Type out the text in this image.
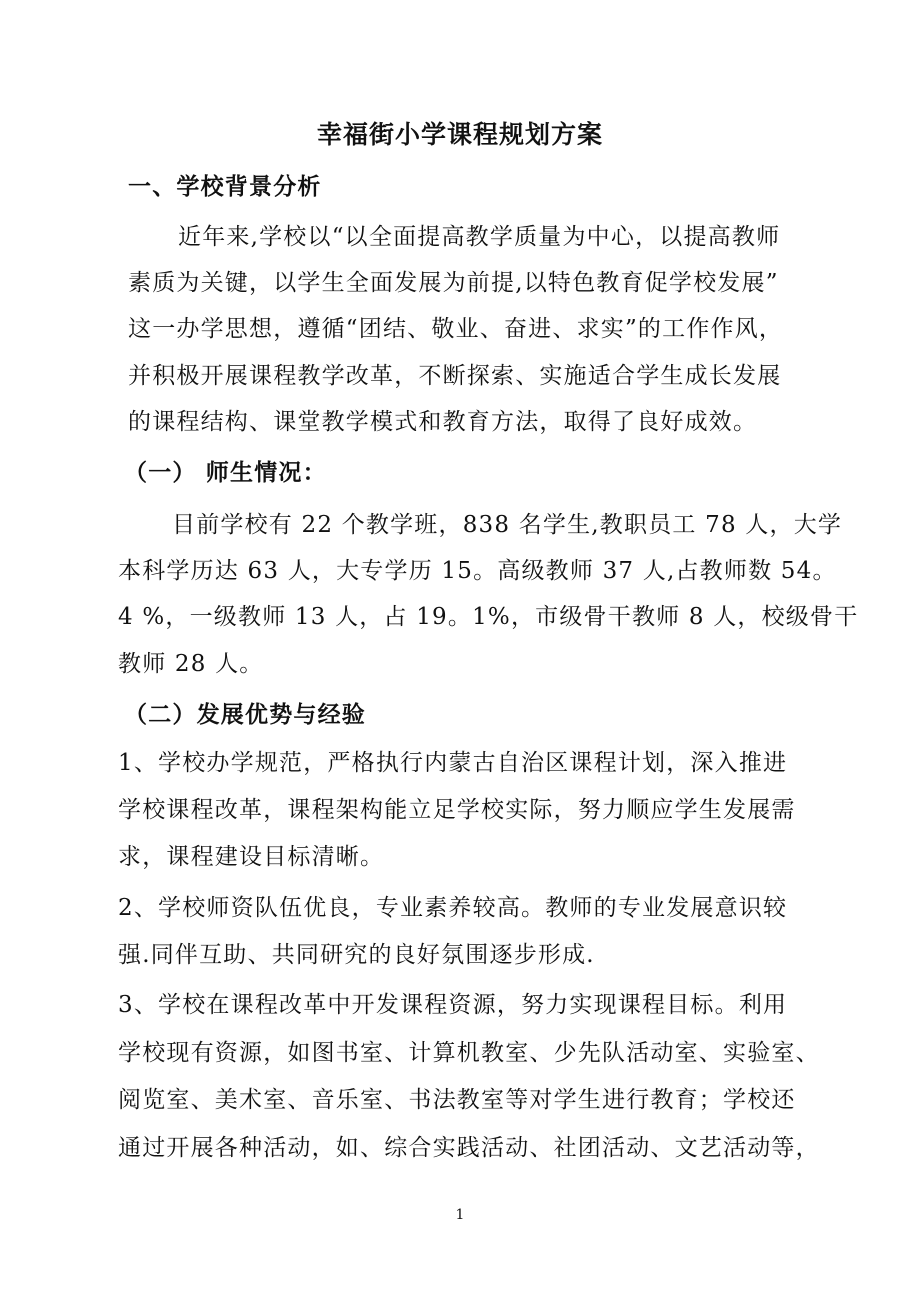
幸福街小学课程规划方案
一、学校背景分析
近年来,学校以“以全面提高教学质量为中心，以提高教师
素质为关键，以学生全面发展为前提,以特色教育促学校发展”
这一办学思想，遵循“团结、敬业、奋进、求实”的工作作风，
并积极开展课程教学改革，不断探索、实施适合学生成长发展
的课程结构、课堂教学模式和教育方法，取得了良好成效。
（一） 师生情况：
目前学校有 22 个教学班，838 名学生,教职员工 78 人，大学
本科学历达 63 人，大专学历 15。高级教师 37 人,占教师数 54。
4 %，一级教师 13 人，占 19。1%，市级骨干教师 8 人，校级骨干
教师 28 人。
（二）发展优势与经验
1、学校办学规范，严格执行内蒙古自治区课程计划，深入推进
学校课程改革，课程架构能立足学校实际，努力顺应学生发展需
求，课程建设目标清晰。
2、学校师资队伍优良，专业素养较高。教师的专业发展意识较
强.同伴互助、共同研究的良好氛围逐步形成.
3、学校在课程改革中开发课程资源，努力实现课程目标。利用
学校现有资源，如图书室、计算机教室、少先队活动室、实验室、
阅览室、美术室、音乐室、书法教室等对学生进行教育；学校还
通过开展各种活动，如、综合实践活动、社团活动、文艺活动等，
1
